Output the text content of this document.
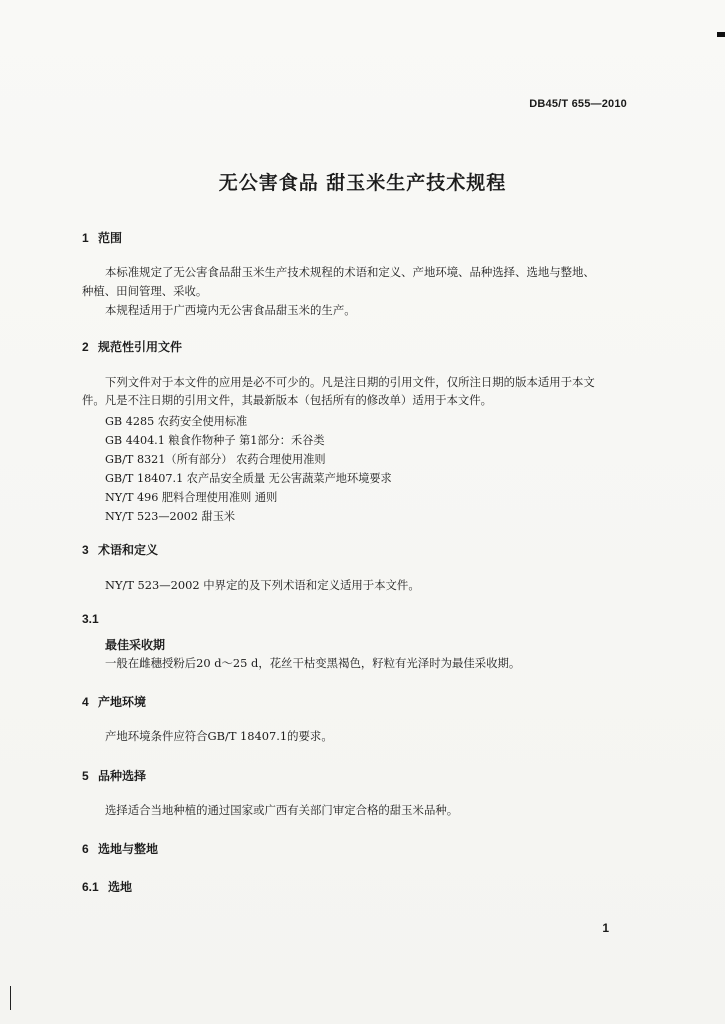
DB45/T 655—2010
无公害食品 甜玉米生产技术规程
1 范围
本标准规定了无公害食品甜玉米生产技术规程的术语和定义、产地环境、品种选择、选地与整地、
种植、田间管理、采收。
本规程适用于广西境内无公害食品甜玉米的生产。
2 规范性引用文件
下列文件对于本文件的应用是必不可少的。凡是注日期的引用文件，仅所注日期的版本适用于本文
件。凡是不注日期的引用文件，其最新版本（包括所有的修改单）适用于本文件。
GB 4285 农药安全使用标准
GB 4404.1 粮食作物种子 第1部分：禾谷类
GB/T 8321（所有部分） 农药合理使用准则
GB/T 18407.1 农产品安全质量 无公害蔬菜产地环境要求
NY/T 496 肥料合理使用准则 通则
NY/T 523—2002 甜玉米
3 术语和定义
NY/T 523—2002 中界定的及下列术语和定义适用于本文件。
3.1
最佳采收期
一般在雌穗授粉后20 d～25 d，花丝干枯变黑褐色，籽粒有光泽时为最佳采收期。
4 产地环境
产地环境条件应符合GB/T 18407.1的要求。
5 品种选择
选择适合当地种植的通过国家或广西有关部门审定合格的甜玉米品种。
6 选地与整地
6.1 选地
1
